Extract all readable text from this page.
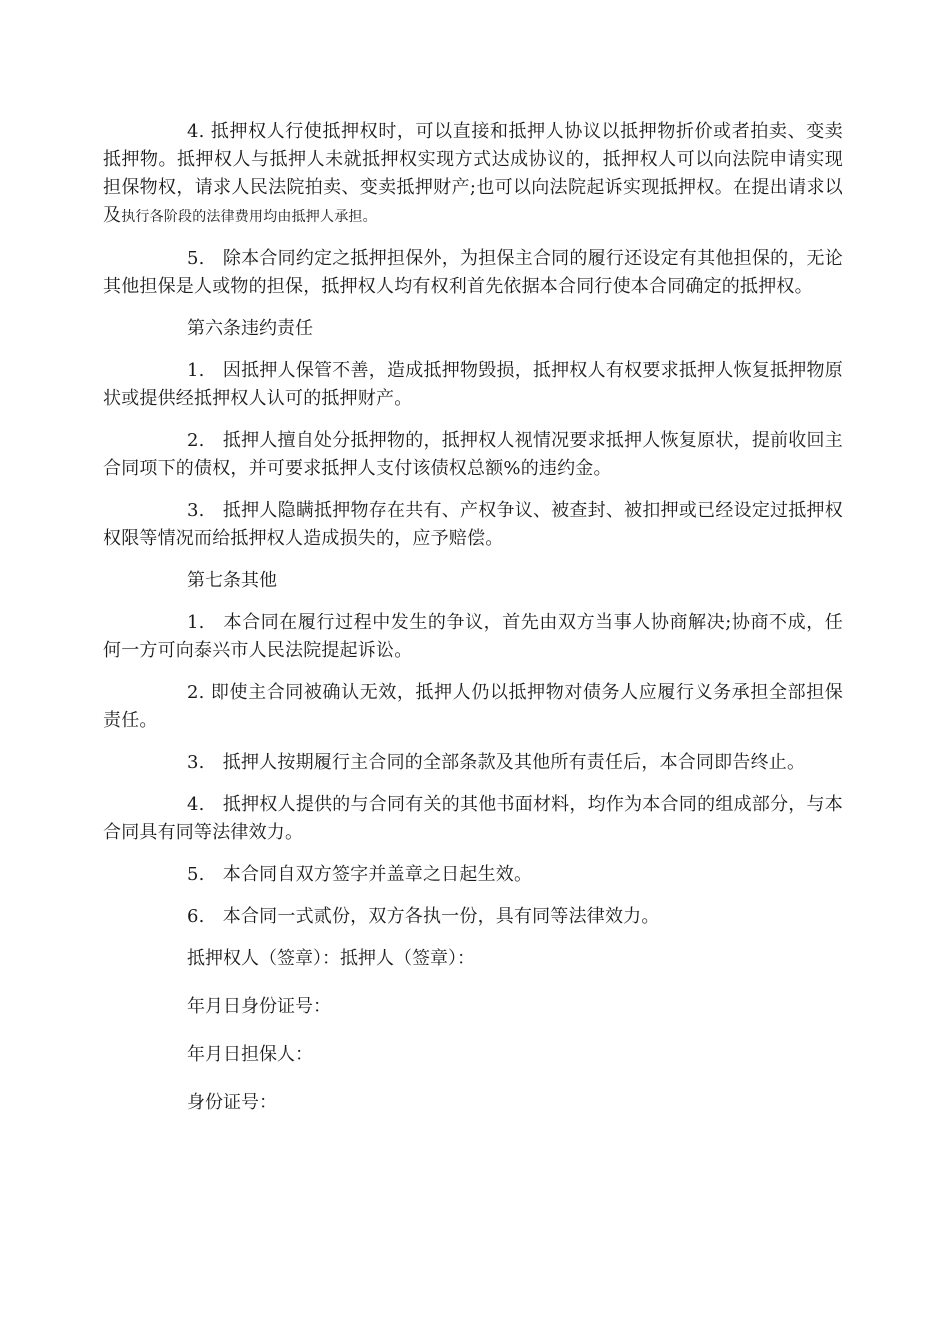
4. 抵押权人行使抵押权时，可以直接和抵押人协议以抵押物折价或者拍卖、变卖抵押物。抵押权人与抵押人未就抵押权实现方式达成协议的，抵押权人可以向法院申请实现担保物权，请求人民法院拍卖、变卖抵押财产;也可以向法院起诉实现抵押权。在提出请求以及执行各阶段的法律费用均由抵押人承担。

5.　除本合同约定之抵押担保外，为担保主合同的履行还设定有其他担保的，无论其他担保是人或物的担保，抵押权人均有权利首先依据本合同行使本合同确定的抵押权。

第六条违约责任

1.　因抵押人保管不善，造成抵押物毁损，抵押权人有权要求抵押人恢复抵押物原状或提供经抵押权人认可的抵押财产。

2.　抵押人擅自处分抵押物的，抵押权人视情况要求抵押人恢复原状，提前收回主合同项下的债权，并可要求抵押人支付该债权总额%的违约金。

3.　抵押人隐瞒抵押物存在共有、产权争议、被查封、被扣押或已经设定过抵押权权限等情况而给抵押权人造成损失的，应予赔偿。

第七条其他

1.　本合同在履行过程中发生的争议，首先由双方当事人协商解决;协商不成，任何一方可向泰兴市人民法院提起诉讼。

2. 即使主合同被确认无效，抵押人仍以抵押物对债务人应履行义务承担全部担保责任。

3.　抵押人按期履行主合同的全部条款及其他所有责任后，本合同即告终止。

4.　抵押权人提供的与合同有关的其他书面材料，均作为本合同的组成部分，与本合同具有同等法律效力。

5.　本合同自双方签字并盖章之日起生效。

6.　本合同一式贰份，双方各执一份，具有同等法律效力。

抵押权人（签章）：抵押人（签章）：

年月日身份证号：

年月日担保人：

身份证号：
